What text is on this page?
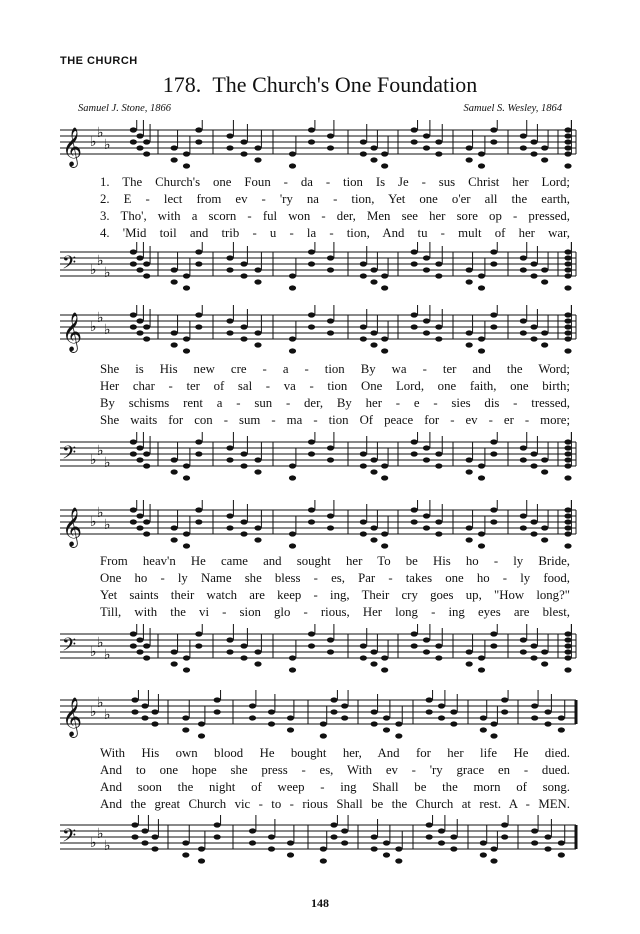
THE CHURCH
178. The Church's One Foundation
Samuel J. Stone, 1866	Samuel S. Wesley, 1864
𝄞 ♭
♭
♭
1. The Church's one Foun - da - tion Is Je - sus Christ her Lord;
2. E - lect from ev - 'ry na - tion, Yet one o'er all the earth,
3. Tho', with a scorn - ful won - der, Men see her sore op - pressed,
4. 'Mid toil and trib - u - la - tion, And tu - mult of her war,
𝄢 ♭
♭
♭
𝄞 ♭
♭
♭
She is His new cre - a - tion By wa - ter and the Word;
Her char - ter of sal - va - tion One Lord, one faith, one birth;
By schisms rent a - sun - der, By her - e - sies dis - tressed,
She waits for con - sum - ma - tion Of peace for - ev - er - more;
𝄢 ♭
♭
♭
𝄞 ♭
♭
♭
From heav'n He came and sought her To be His ho - ly Bride,
One ho - ly Name she bless - es, Par - takes one ho - ly food,
Yet saints their watch are keep - ing, Their cry goes up, "How long?"
Till, with the vi - sion glo - rious, Her long - ing eyes are blest,
𝄢 ♭
♭
♭
𝄞 ♭
♭
♭
With His own blood He bought her, And for her life He died.
And to one hope she press - es, With ev - 'ry grace en - dued.
And soon the night of weep - ing Shall be the morn of song.
And the great Church vic - to - rious Shall be the Church at rest. A - MEN.
𝄢 ♭
♭
♭
148
